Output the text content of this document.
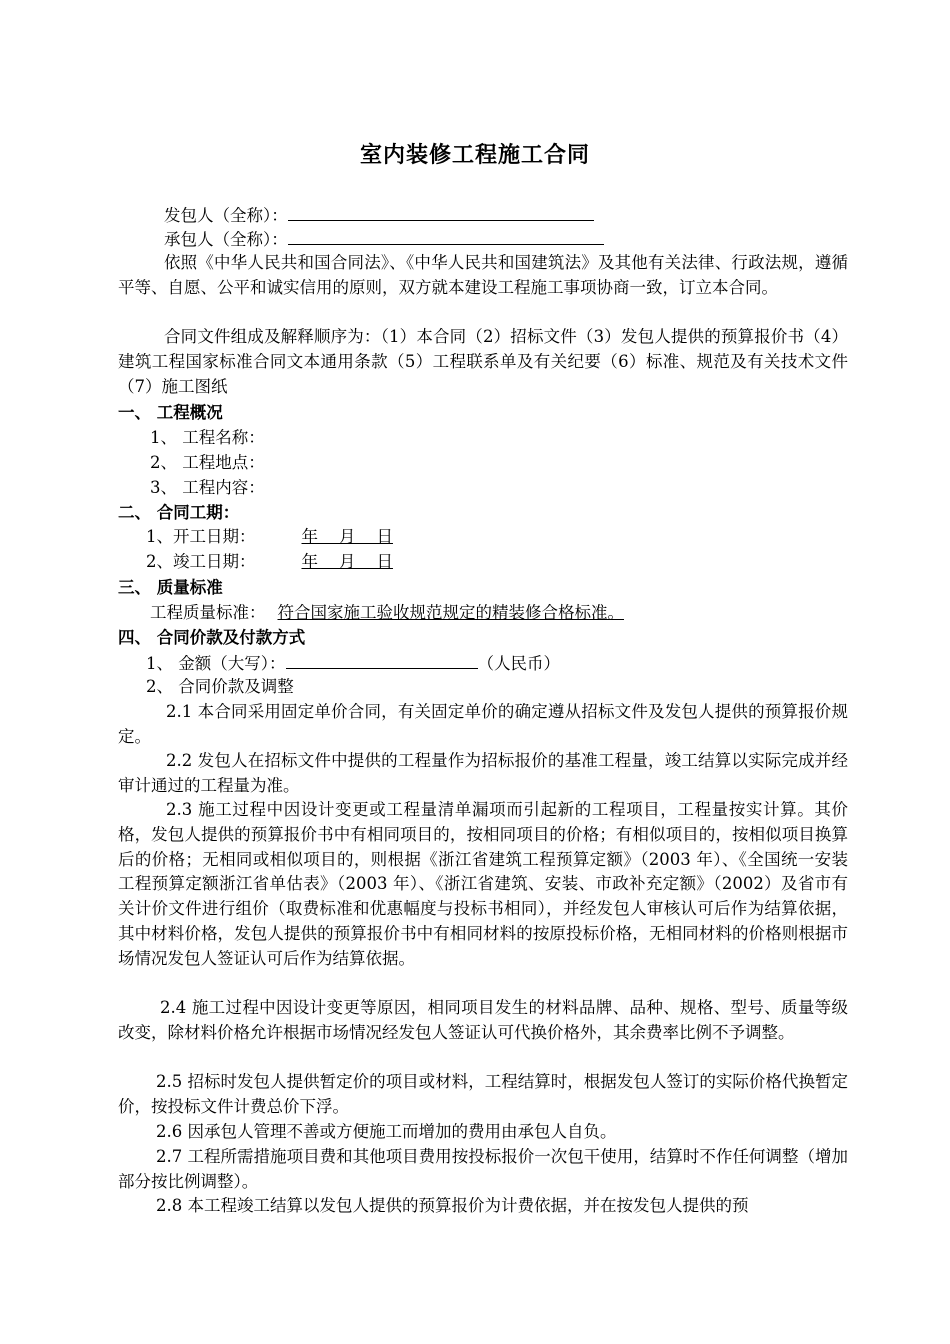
室内装修工程施工合同
发包人（全称）：
承包人（全称）：
依照《中华人民共和国合同法》、《中华人民共和国建筑法》及其他有关法律、行政法规，遵循平等、自愿、公平和诚实信用的原则，双方就本建设工程施工事项协商一致，订立本合同。
合同文件组成及解释顺序为：（1）本合同（2）招标文件（3）发包人提供的预算报价书（4）建筑工程国家标准合同文本通用条款（5）工程联系单及有关纪要（6）标准、规范及有关技术文件（7）施工图纸
一、 工程概况
1、 工程名称：
2、 工程地点：
3、 工程内容：
二、 合同工期：
1、开工日期：	年    月    日
2、竣工日期：	年    月    日
三、 质量标准
工程质量标准： 符合国家施工验收规范规定的精装修合格标准。
四、 合同价款及付款方式
1、 金额（大写）：	（人民币）
2、 合同价款及调整
2.1 本合同采用固定单价合同，有关固定单价的确定遵从招标文件及发包人提供的预算报价规定。
2.2 发包人在招标文件中提供的工程量作为招标报价的基准工程量，竣工结算以实际完成并经审计通过的工程量为准。
2.3 施工过程中因设计变更或工程量清单漏项而引起新的工程项目，工程量按实计算。其价格，发包人提供的预算报价书中有相同项目的，按相同项目的价格；有相似项目的，按相似项目换算后的价格；无相同或相似项目的，则根据《浙江省建筑工程预算定额》（2003 年）、《全国统一安装工程预算定额浙江省单估表》（2003 年）、《浙江省建筑、安装、市政补充定额》（2002）及省市有关计价文件进行组价（取费标准和优惠幅度与投标书相同），并经发包人审核认可后作为结算依据，其中材料价格，发包人提供的预算报价书中有相同材料的按原投标价格，无相同材料的价格则根据市场情况发包人签证认可后作为结算依据。
2.4 施工过程中因设计变更等原因，相同项目发生的材料品牌、品种、规格、型号、质量等级改变，除材料价格允许根据市场情况经发包人签证认可代换价格外，其余费率比例不予调整。
2.5 招标时发包人提供暂定价的项目或材料，工程结算时，根据发包人签订的实际价格代换暂定价，按投标文件计费总价下浮。
2.6 因承包人管理不善或方便施工而增加的费用由承包人自负。
2.7 工程所需措施项目费和其他项目费用按投标报价一次包干使用，结算时不作任何调整（增加部分按比例调整）。
2.8 本工程竣工结算以发包人提供的预算报价为计费依据，并在按发包人提供的预
